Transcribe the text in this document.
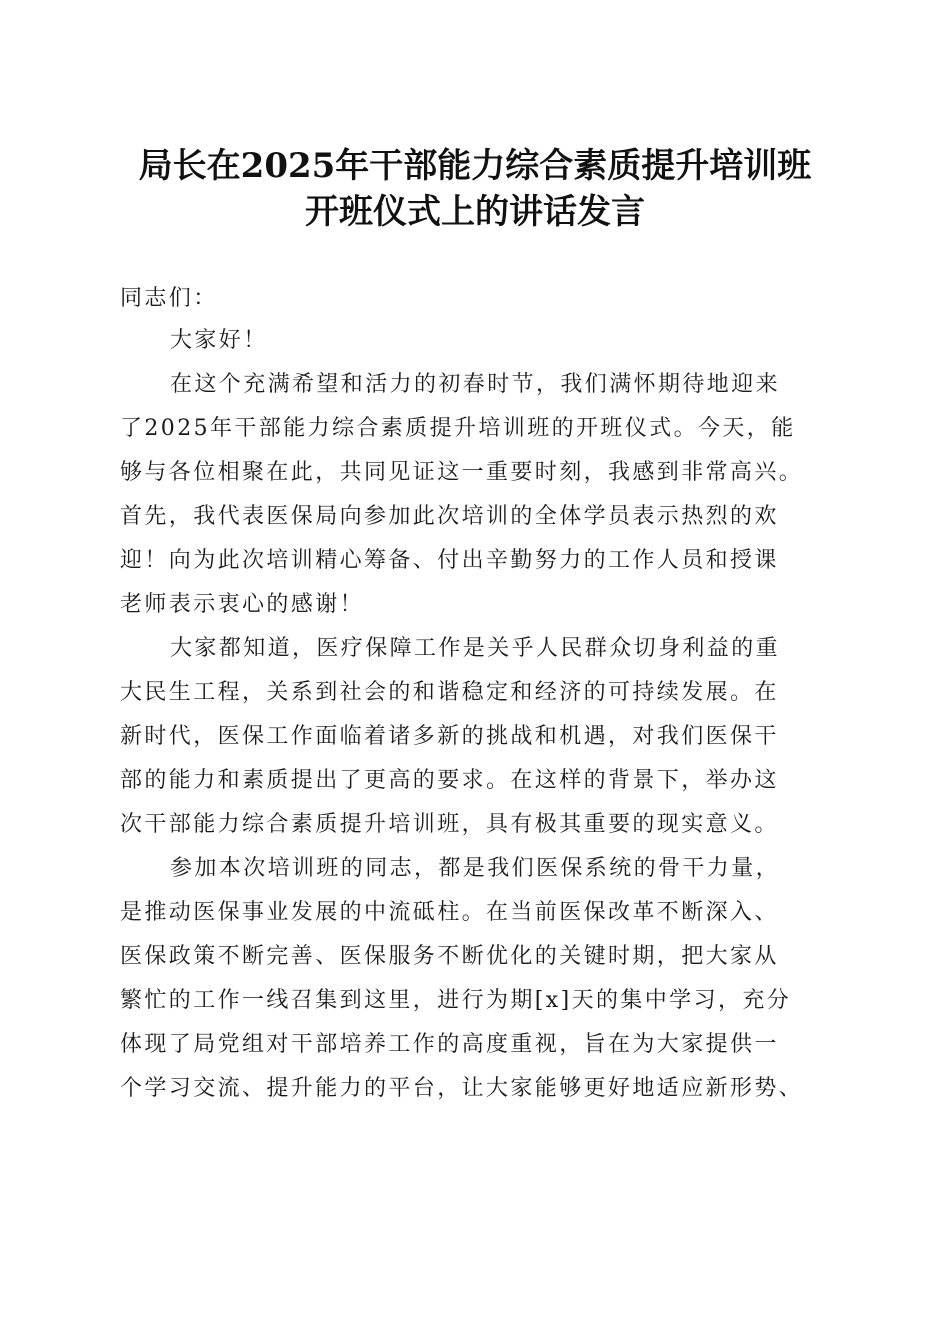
局长在2025年干部能力综合素质提升培训班
开班仪式上的讲话发言
同志们：
大家好！
在这个充满希望和活力的初春时节，我们满怀期待地迎来
了2025年干部能力综合素质提升培训班的开班仪式。今天，能
够与各位相聚在此，共同见证这一重要时刻，我感到非常高兴。
首先，我代表医保局向参加此次培训的全体学员表示热烈的欢
迎！向为此次培训精心筹备、付出辛勤努力的工作人员和授课
老师表示衷心的感谢！
大家都知道，医疗保障工作是关乎人民群众切身利益的重
大民生工程，关系到社会的和谐稳定和经济的可持续发展。在
新时代，医保工作面临着诸多新的挑战和机遇，对我们医保干
部的能力和素质提出了更高的要求。在这样的背景下，举办这
次干部能力综合素质提升培训班，具有极其重要的现实意义。
参加本次培训班的同志，都是我们医保系统的骨干力量，
是推动医保事业发展的中流砥柱。在当前医保改革不断深入、
医保政策不断完善、医保服务不断优化的关键时期，把大家从
繁忙的工作一线召集到这里，进行为期[x]天的集中学习，充分
体现了局党组对干部培养工作的高度重视，旨在为大家提供一
个学习交流、提升能力的平台，让大家能够更好地适应新形势、
